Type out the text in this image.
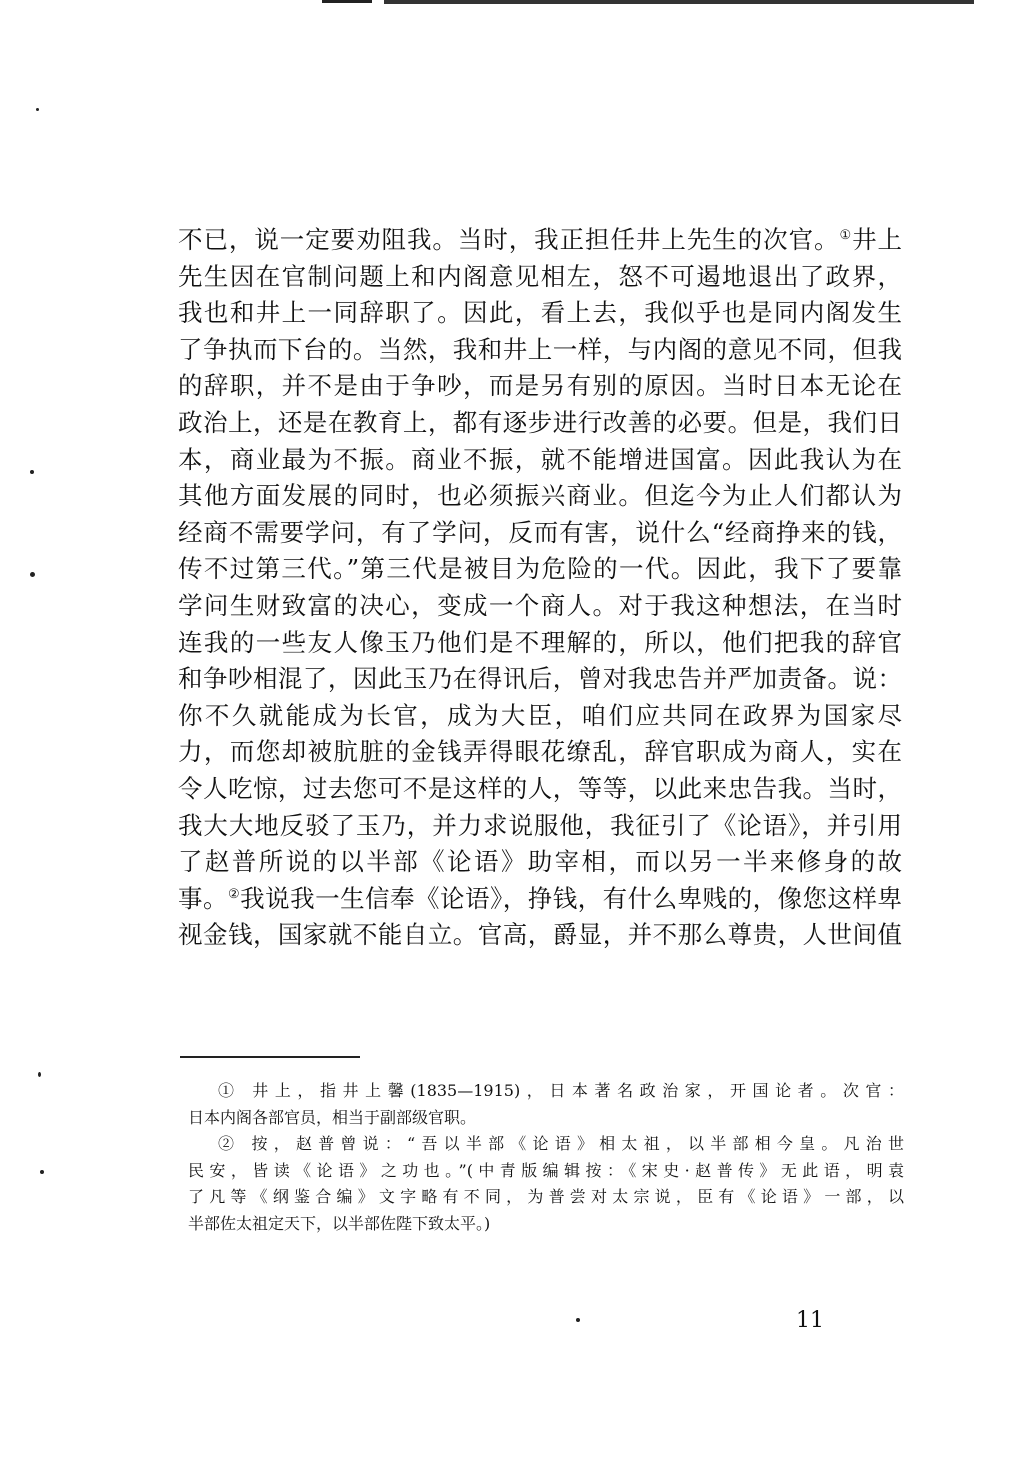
不已，说一定要劝阻我。当时，我正担任井上先生的次官。①井上
先生因在官制问题上和内阁意见相左，怒不可遏地退出了政界，
我也和井上一同辞职了。因此，看上去，我似乎也是同内阁发生
了争执而下台的。当然，我和井上一样，与内阁的意见不同，但我
的辞职，并不是由于争吵，而是另有别的原因。当时日本无论在
政治上，还是在教育上，都有逐步进行改善的必要。但是，我们日
本，商业最为不振。商业不振，就不能增进国富。因此我认为在
其他方面发展的同时，也必须振兴商业。但迄今为止人们都认为
经商不需要学问，有了学问，反而有害，说什么“经商挣来的钱，
传不过第三代。”第三代是被目为危险的一代。因此，我下了要靠
学问生财致富的决心，变成一个商人。对于我这种想法，在当时
连我的一些友人像玉乃他们是不理解的，所以，他们把我的辞官
和争吵相混了，因此玉乃在得讯后，曾对我忠告并严加责备。说：
你不久就能成为长官，成为大臣，咱们应共同在政界为国家尽
力，而您却被肮脏的金钱弄得眼花缭乱，辞官职成为商人，实在
令人吃惊，过去您可不是这样的人，等等，以此来忠告我。当时，
我大大地反驳了玉乃，并力求说服他，我征引了《论语》，并引用
了赵普所说的以半部《论语》助宰相，而以另一半来修身的故
事。②我说我一生信奉《论语》，挣钱，有什么卑贱的，像您这样卑
视金钱，国家就不能自立。官高，爵显，并不那么尊贵，人世间值
① 井上，指井上馨(1835—1915)，日本著名政治家，开国论者。次官：
日本内阁各部官员，相当于副部级官职。
② 按，赵普曾说：“吾以半部《论语》相太祖，以半部相今皇。凡治世
民安，皆读《论语》之功也。”(中青版编辑按：《宋史·赵普传》无此语，明袁
了凡等《纲鉴合编》文字略有不同，为普尝对太宗说，臣有《论语》一部，以
半部佐太祖定天下，以半部佐陛下致太平。)
11
